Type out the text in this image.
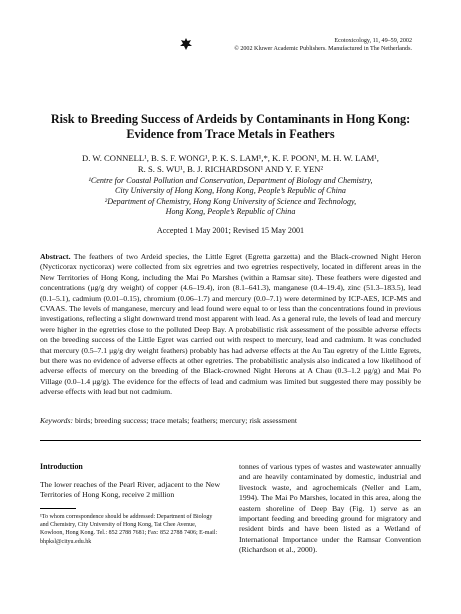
Ecotoxicology, 11, 49–59, 2002
© 2002 Kluwer Academic Publishers. Manufactured in The Netherlands.
Risk to Breeding Success of Ardeids by Contaminants in Hong Kong:
Evidence from Trace Metals in Feathers
D. W. CONNELL¹, B. S. F. WONG¹, P. K. S. LAM¹,*, K. F. POON¹, M. H. W. LAM¹,
R. S. S. WU¹, B. J. RICHARDSON¹ AND Y. F. YEN²
¹Centre for Coastal Pollution and Conservation, Department of Biology and Chemistry,
City University of Hong Kong, Hong Kong, People’s Republic of China
²Department of Chemistry, Hong Kong University of Science and Technology,
Hong Kong, People’s Republic of China
Accepted 1 May 2001; Revised 15 May 2001
Abstract. The feathers of two Ardeid species, the Little Egret (Egretta garzetta) and the Black-crowned Night Heron (Nycticorax nycticorax) were collected from six egretries and two egretries respectively, located in different areas in the New Territories of Hong Kong, including the Mai Po Marshes (within a Ramsar site). These feathers were digested and concentrations (μg/g dry weight) of copper (4.6–19.4), iron (8.1–641.3), manganese (0.4–19.4), zinc (51.3–183.5), lead (0.1–5.1), cadmium (0.01–0.15), chromium (0.06–1.7) and mercury (0.0–7.1) were determined by ICP-AES, ICP-MS and CVAAS. The levels of manganese, mercury and lead found were equal to or less than the concentrations found in previous investigations, reflecting a slight downward trend most apparent with lead. As a general rule, the levels of lead and mercury were higher in the egretries close to the polluted Deep Bay. A probabilistic risk assessment of the possible adverse effects on the breeding success of the Little Egret was carried out with respect to mercury, lead and cadmium. It was concluded that mercury (0.5–7.1 μg/g dry weight feathers) probably has had adverse effects at the Au Tau egretry of the Little Egrets, but there was no evidence of adverse effects at other egretries. The probabilistic analysis also indicated a low likelihood of adverse effects of mercury on the breeding of the Black-crowned Night Herons at A Chau (0.3–1.2 μg/g) and Mai Po Village (0.0–1.4 μg/g). The evidence for the effects of lead and cadmium was limited but suggested there may possibly be adverse effects with lead but not cadmium.
Keywords: birds; breeding success; trace metals; feathers; mercury; risk assessment
Introduction
The lower reaches of the Pearl River, adjacent to the New Territories of Hong Kong, receive 2 million
¹To whom correspondence should be addressed: Department of Biology and Chemistry, City University of Hong Kong, Tat Chee Avenue, Kowloon, Hong Kong. Tel.: 852 2788 7681; Fax: 852 2788 7406; E-mail: bhpksl@cityu.edu.hk
tonnes of various types of wastes and wastewater annually and are heavily contaminated by domestic, industrial and livestock waste, and agrochemicals (Neller and Lam, 1994). The Mai Po Marshes, located in this area, along the eastern shoreline of Deep Bay (Fig. 1) serve as an important feeding and breeding ground for migratory and resident birds and have been listed as a Wetland of International Importance under the Ramsar Convention (Richardson et al., 2000).
